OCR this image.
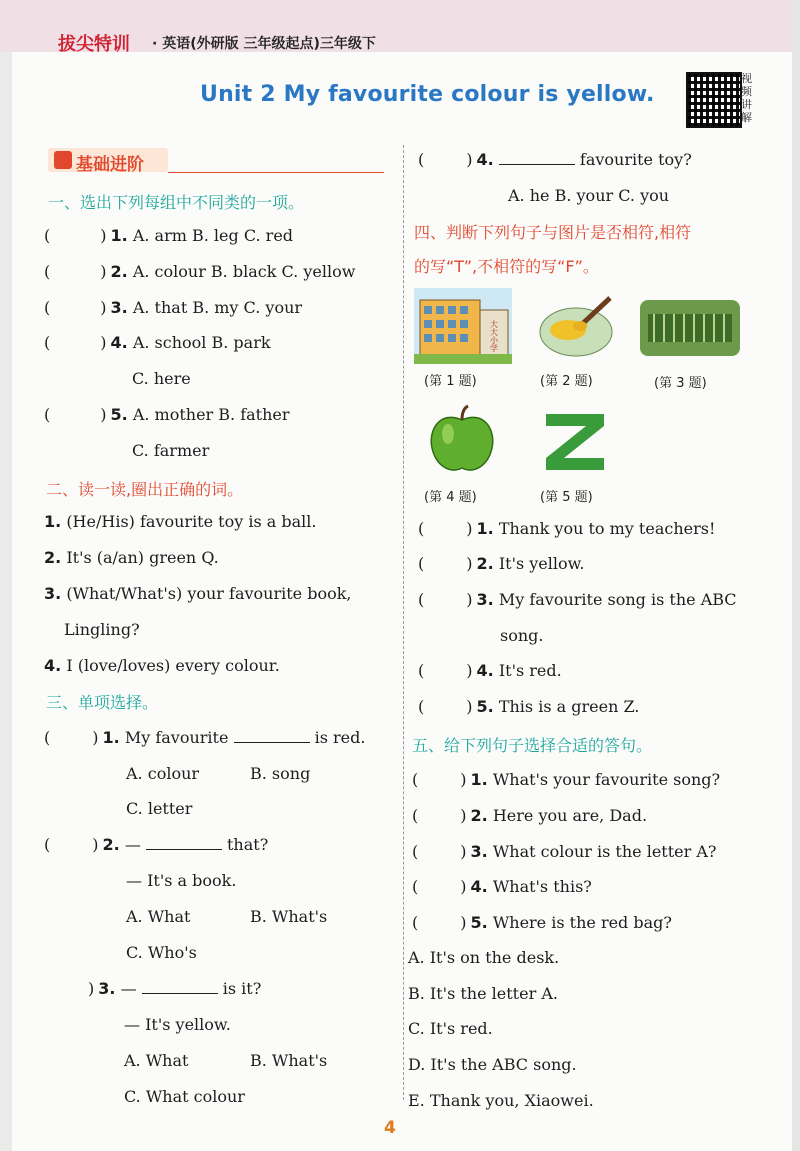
拔尖特训 · 英语(外研版 三年级起点)三年级下
Unit 2 My favourite colour is yellow.
视频讲解
基础进阶
一、选出下列每组中不同类的一项。
(	) 1. A. arm B. leg C. red
(	) 2. A. colour B. black C. yellow
(	) 3. A. that B. my C. your
(	) 4. A. school B. park
C. here
(	) 5. A. mother B. father
C. farmer
二、读一读,圈出正确的词。
1. (He/His) favourite toy is a ball.
2. It's (a/an) green Q.
3. (What/What's) your favourite book,
Lingling?
4. I (love/loves) every colour.
三、单项选择。
(	) 1. My favourite	is red.
A. colour	B. song
C. letter
(	) 2. —	that?
— It's a book.
A. What	B. What's
C. Who's
) 3. —	is it?
— It's yellow.
A. What	B. What's
C. What colour
(	) 4.	favourite toy?
A. he B. your C. you
四、判断下列句子与图片是否相符,相符
的写“T”,不相符的写“F”。
大大小学
(第 1 题)	(第 2 题)	(第 3 题)
(第 4 题)	(第 5 题)
(	) 1. Thank you to my teachers!
(	) 2. It's yellow.
(	) 3. My favourite song is the ABC
song.
(	) 4. It's red.
(	) 5. This is a green Z.
五、给下列句子选择合适的答句。
(	) 1. What's your favourite song?
(	) 2. Here you are, Dad.
(	) 3. What colour is the letter A?
(	) 4. What's this?
(	) 5. Where is the red bag?
A. It's on the desk.
B. It's the letter A.
C. It's red.
D. It's the ABC song.
E. Thank you, Xiaowei.
4
